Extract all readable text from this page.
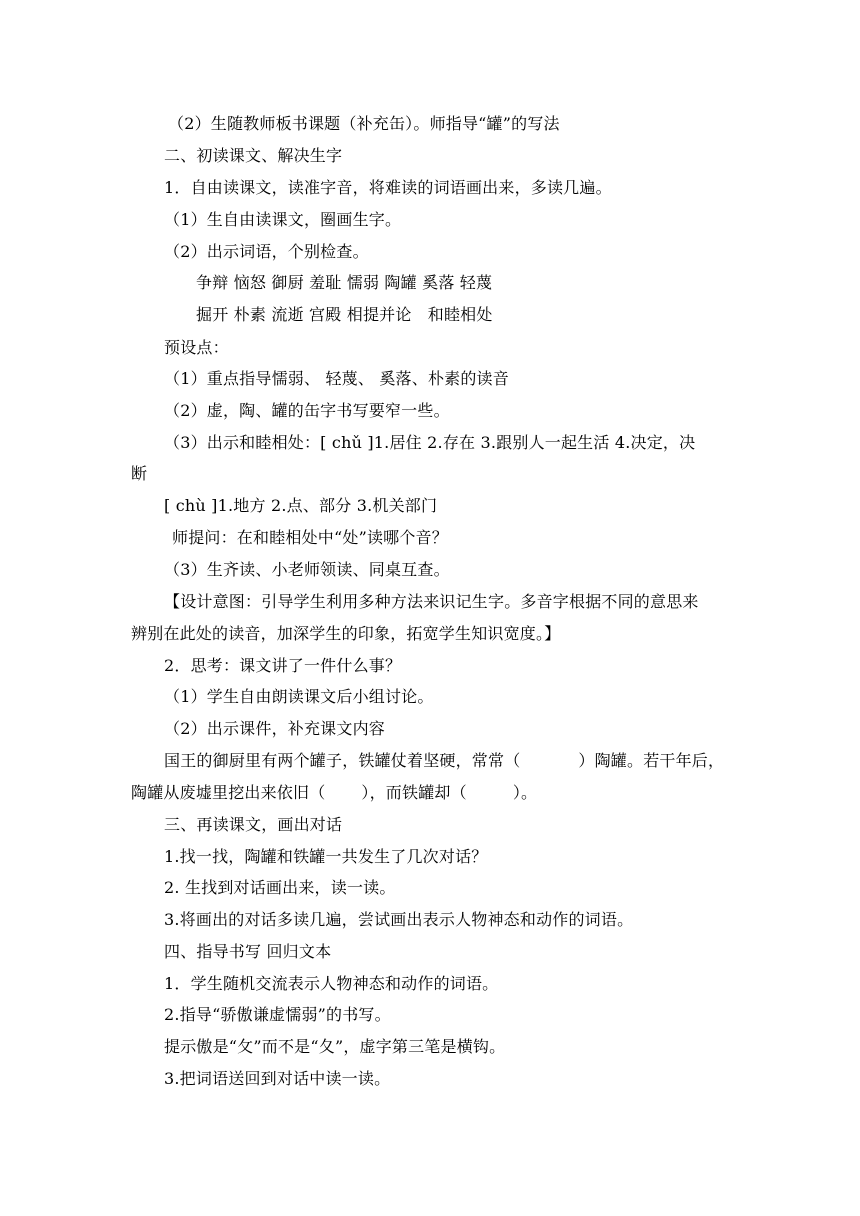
（2）生随教师板书课题（补充缶）。师指导“罐”的写法
二、初读课文、解决生字
1．自由读课文，读准字音，将难读的词语画出来，多读几遍。
（1）生自由读课文，圈画生字。
（2）出示词语，个别检查。
争辩 恼怒 御厨 羞耻 懦弱 陶罐 奚落 轻蔑
掘开 朴素 流逝 宫殿 相提并论　和睦相处
预设点：
（1）重点指导懦弱、 轻蔑、 奚落、朴素的读音
（2）虚，陶、罐的缶字书写要窄一些。
（3）出示和睦相处：[ chǔ ]1.居住 2.存在 3.跟别人一起生活 4.决定，决
断
[ chù ]1.地方 2.点、部分 3.机关部门
师提问：在和睦相处中“处”读哪个音？
（3）生齐读、小老师领读、同桌互查。
【设计意图：引导学生利用多种方法来识记生字。多音字根据不同的意思来
辨别在此处的读音，加深学生的印象，拓宽学生知识宽度。】
2．思考：课文讲了一件什么事？
（1）学生自由朗读课文后小组讨论。
（2）出示课件，补充课文内容
国王的御厨里有两个罐子，铁罐仗着坚硬，常常（	）陶罐。若干年后，
陶罐从废墟里挖出来依旧（ ），而铁罐却（	）。
三、再读课文，画出对话
1.找一找，陶罐和铁罐一共发生了几次对话？
2. 生找到对话画出来，读一读。
3.将画出的对话多读几遍，尝试画出表示人物神态和动作的词语。
四、指导书写 回归文本
1．学生随机交流表示人物神态和动作的词语。
2.指导“骄傲谦虚懦弱”的书写。
提示傲是“攵”而不是“夂”，虚字第三笔是横钩。
3.把词语送回到对话中读一读。
